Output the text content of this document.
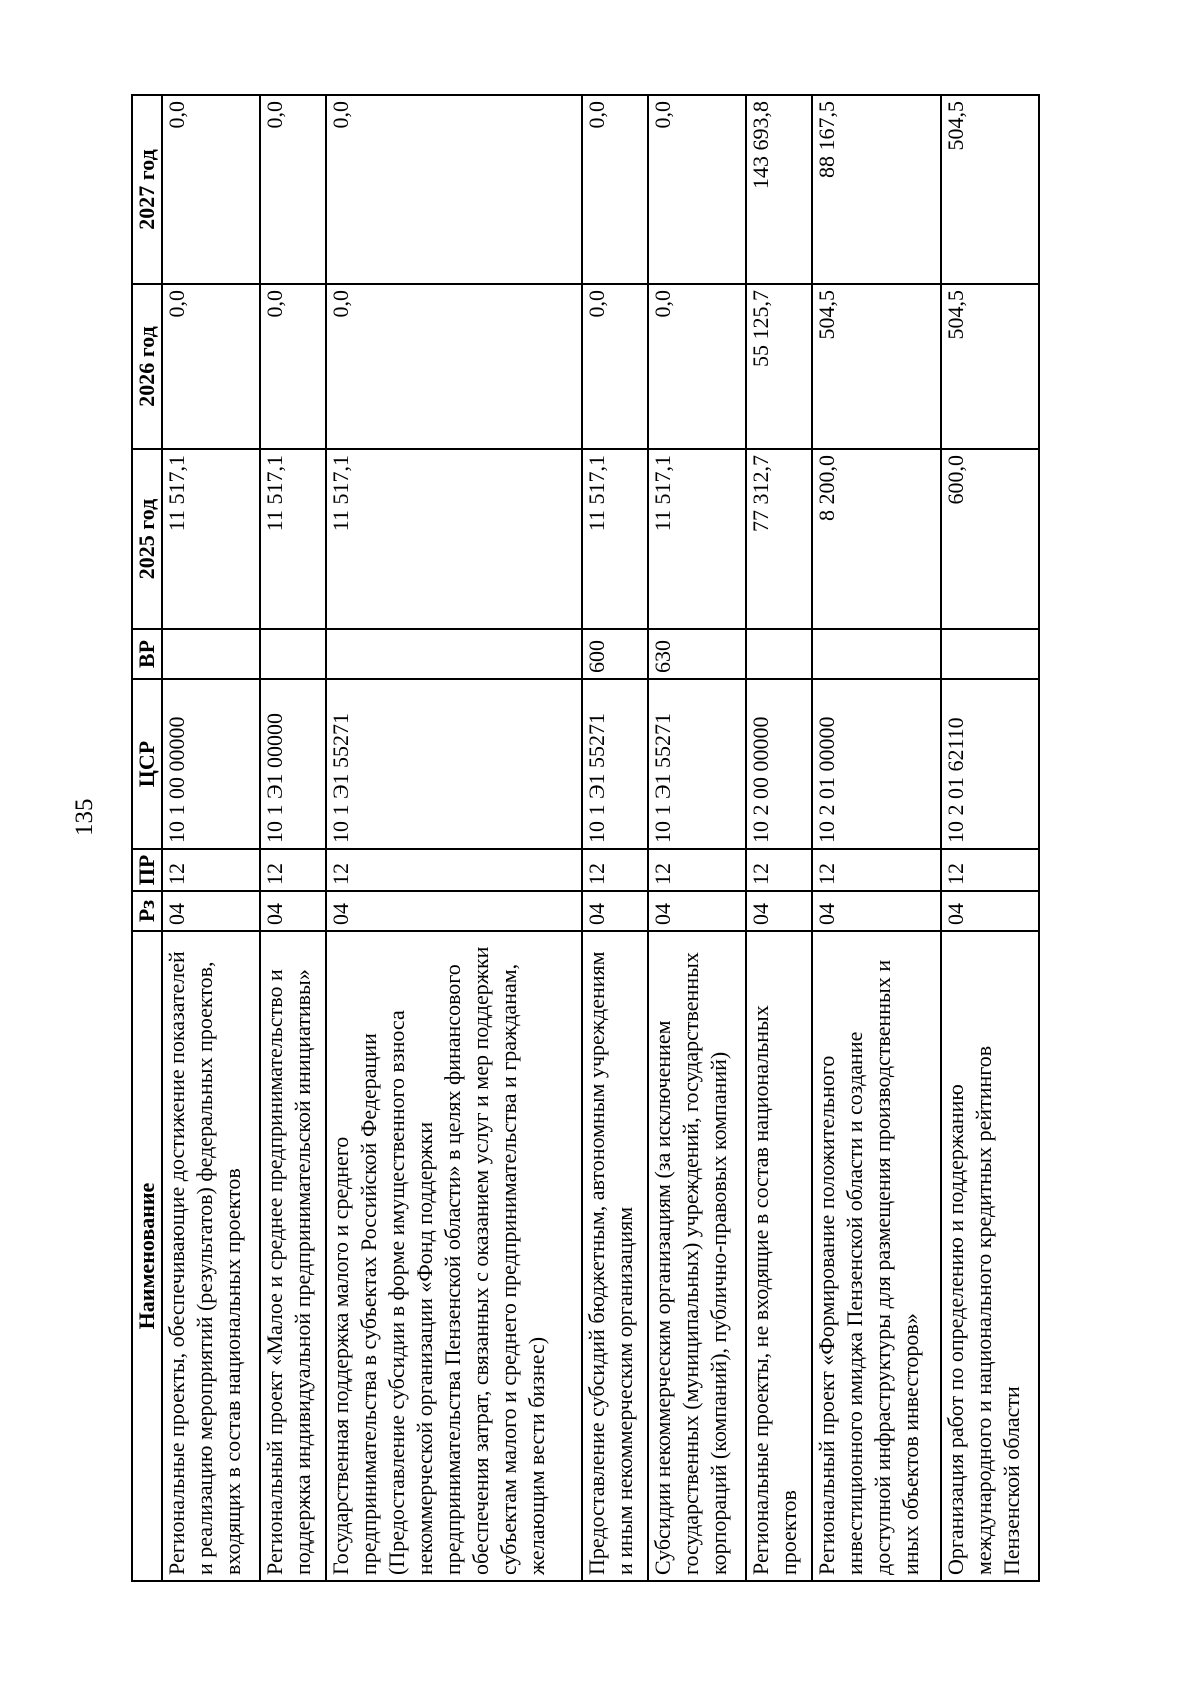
135
Наименование	Рз	ПР	ЦСР	ВР	2025 год	2026 год	2027 год
Региональные проекты, обеспечивающие достижение показателей и реализацию мероприятий (результатов) федеральных проектов, входящих в состав национальных проектов	04	12	10 1 00 00000		11 517,1	0,0	0,0
Региональный проект «Малое и среднее предпринимательство и поддержка индивидуальной предпринимательской инициативы»	04	12	10 1 Э1 00000		11 517,1	0,0	0,0
Государственная поддержка малого и среднего предпринимательства в субъектах Российской Федерации (Предоставление субсидии в форме имущественного взноса некоммерческой организации «Фонд поддержки предпринимательства Пензенской области» в целях финансового обеспечения затрат, связанных с оказанием услуг и мер поддержки субъектам малого и среднего предпринимательства и гражданам, желающим вести бизнес)	04	12	10 1 Э1 55271		11 517,1	0,0	0,0
Предоставление субсидий бюджетным, автономным учреждениям и иным некоммерческим организациям	04	12	10 1 Э1 55271	600	11 517,1	0,0	0,0
Субсидии некоммерческим организациям (за исключением государственных (муниципальных) учреждений, государственных корпораций (компаний), публично-правовых компаний)	04	12	10 1 Э1 55271	630	11 517,1	0,0	0,0
Региональные проекты, не входящие в состав национальных проектов	04	12	10 2 00 00000		77 312,7	55 125,7	143 693,8
Региональный проект «Формирование положительного инвестиционного имиджа Пензенской области и создание доступной инфраструктуры для размещения производственных и иных объектов инвесторов»	04	12	10 2 01 00000		8 200,0	504,5	88 167,5
Организация работ по определению и поддержанию международного и национального кредитных рейтингов Пензенской области	04	12	10 2 01 62110		600,0	504,5	504,5
